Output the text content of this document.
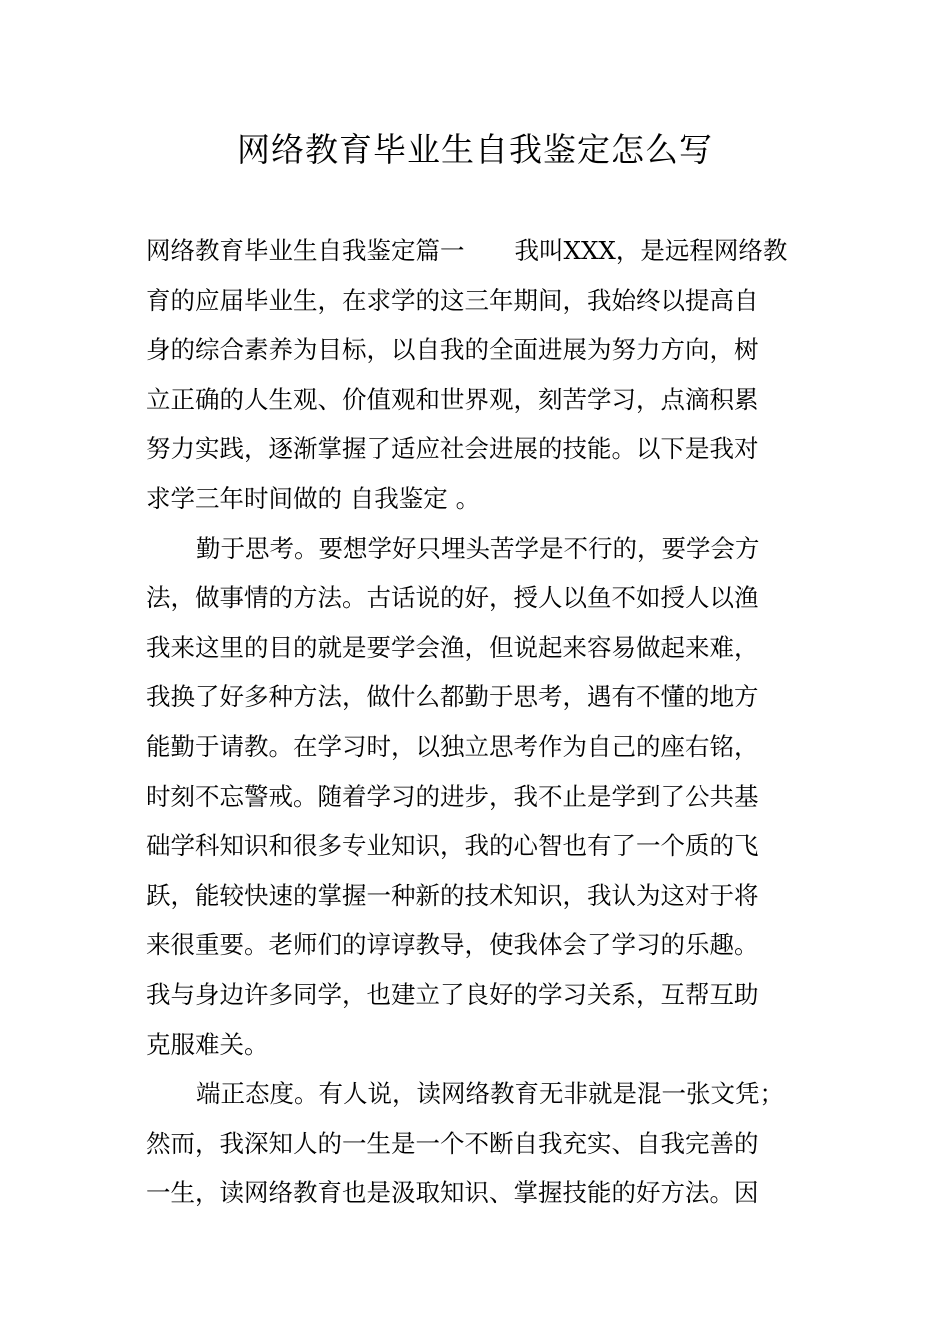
网络教育毕业生自我鉴定怎么写
网络教育毕业生自我鉴定篇一 我叫XXX，是远程网络教
育的应届毕业生，在求学的这三年期间，我始终以提高自
身的综合素养为目标，以自我的全面进展为努力方向，树
立正确的人生观、价值观和世界观，刻苦学习，点滴积累
努力实践，逐渐掌握了适应社会进展的技能。以下是我对
求学三年时间做的 自我鉴定 。
勤于思考。要想学好只埋头苦学是不行的，要学会方
法，做事情的方法。古话说的好，授人以鱼不如授人以渔
我来这里的目的就是要学会渔，但说起来容易做起来难，
我换了好多种方法，做什么都勤于思考，遇有不懂的地方
能勤于请教。在学习时，以独立思考作为自己的座右铭，
时刻不忘警戒。随着学习的进步，我不止是学到了公共基
础学科知识和很多专业知识，我的心智也有了一个质的飞
跃，能较快速的掌握一种新的技术知识，我认为这对于将
来很重要。老师们的谆谆教导，使我体会了学习的乐趣。
我与身边许多同学，也建立了良好的学习关系，互帮互助
克服难关。
端正态度。有人说，读网络教育无非就是混一张文凭；
然而，我深知人的一生是一个不断自我充实、自我完善的
一生，读网络教育也是汲取知识、掌握技能的好方法。因
